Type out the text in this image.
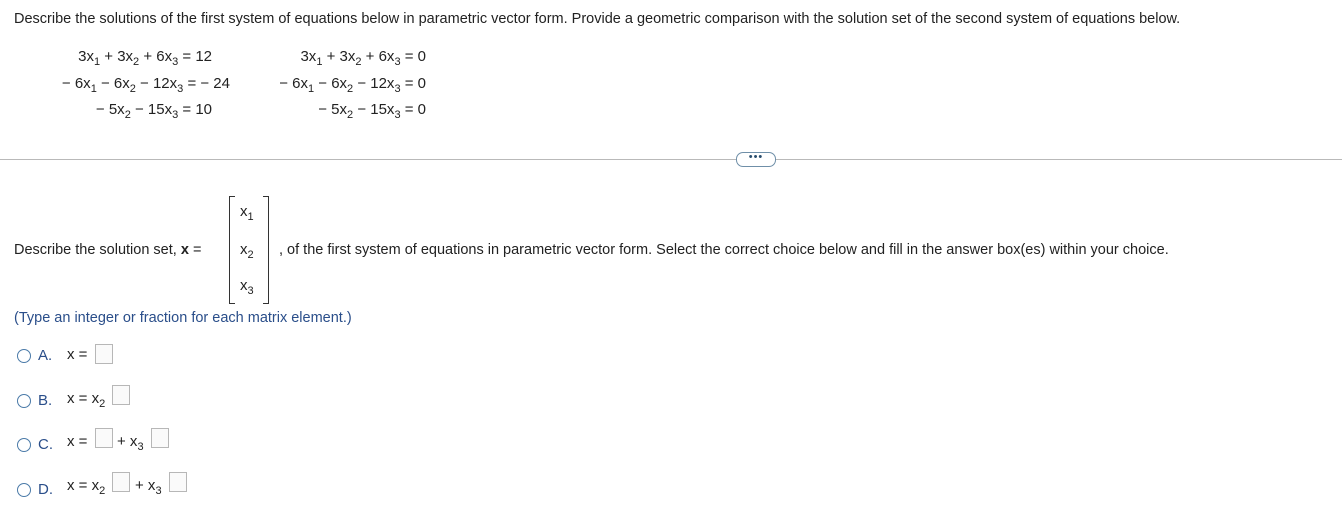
Describe the solutions of the first system of equations below in parametric vector form. Provide a geometric comparison with the solution set of the second system of equations below.
$3x_1 + 3x_2 + 6x_3 = 12$
− $6x_1 - 6x_2 - 12x_3$ = − 24
− $5x_2 - 15x_3 = 10$
$3x_1 + 3x_2 + 6x_3 = 0$
− $6x_1 - 6x_2 - 12x_3 = 0$
− $5x_2 - 15x_3 = 0$
•••
Describe the solution set, x =
$x_1$
$x_2$
$x_3$
, of the first system of equations in parametric vector form. Select the correct choice below and fill in the answer box(es) within your choice.
(Type an integer or fraction for each matrix element.)
A. x =
B. $x = x_2$
C. x = + $x_3$
D. $x = x_2 + x_3$
